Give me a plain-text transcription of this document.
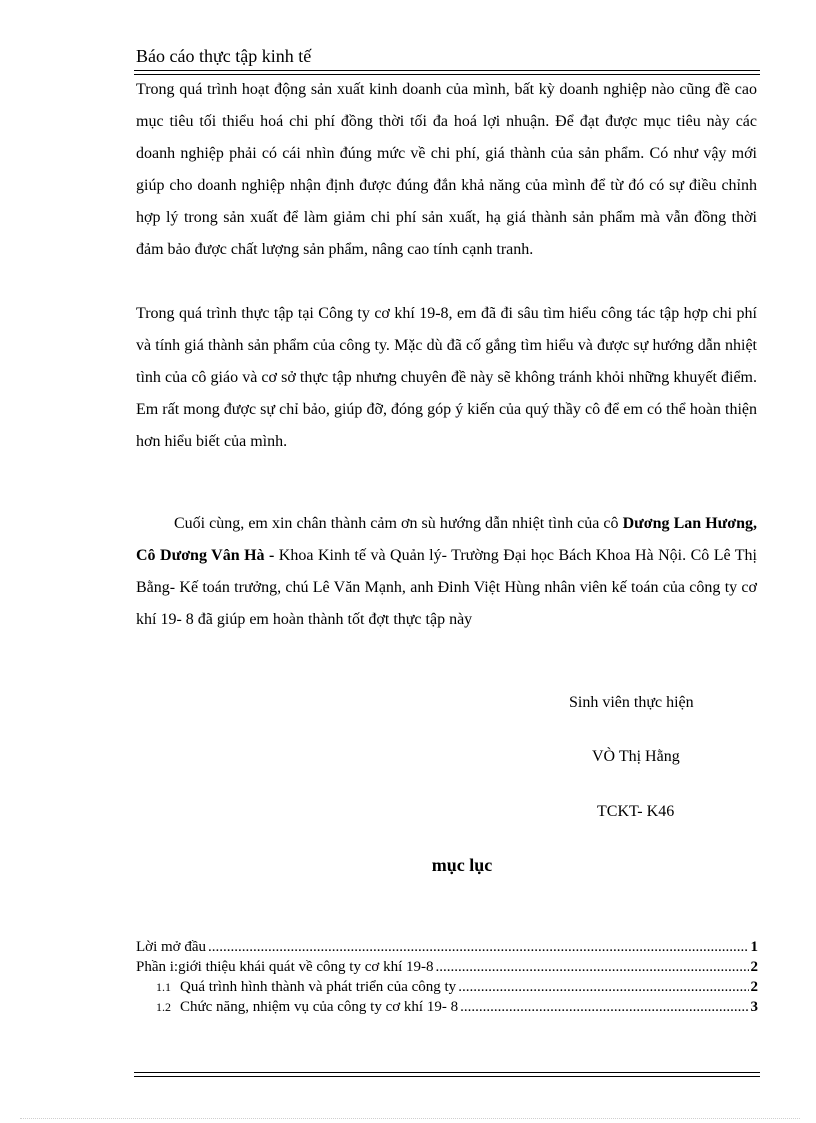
Báo cáo thực tập kinh tế

Trong quá trình hoạt động sản xuất kinh doanh của mình, bất kỳ doanh nghiệp nào cũng đề cao mục tiêu tối thiểu hoá chi phí đồng thời tối đa hoá lợi nhuận. Để đạt được mục tiêu này các doanh nghiệp phải có cái nhìn đúng mức về chi phí, giá thành của sản phẩm. Có như vậy mới giúp cho doanh nghiệp nhận định được đúng đắn khả năng của mình để từ đó có sự điều chỉnh hợp lý trong sản xuất để làm giảm chi phí sản xuất, hạ giá thành sản phẩm mà vẫn đồng thời đảm bảo được chất lượng sản phẩm, nâng cao tính cạnh tranh.

Trong quá trình thực tập tại Công ty cơ khí 19-8, em đã đi sâu tìm hiểu công tác tập hợp chi phí và tính giá thành sản phẩm của công ty. Mặc dù đã cố gắng tìm hiểu và được sự hướng dẫn nhiệt tình của cô giáo và cơ sở thực tập nhưng chuyên đề này sẽ không tránh khỏi những khuyết điểm. Em rất mong được sự chỉ bảo, giúp đỡ, đóng góp ý kiến của quý thầy cô để em có thể hoàn thiện hơn hiểu biết của mình.

Cuối cùng, em xin chân thành cảm ơn sù hướng dẫn nhiệt tình của cô Dương Lan Hương, Cô Dương Vân Hà - Khoa Kinh tế và Quản lý- Trường Đại học Bách Khoa Hà Nội. Cô Lê Thị Bằng- Kế toán trưởng, chú Lê Văn Mạnh, anh Đinh Việt Hùng nhân viên kế toán của công ty cơ khí 19- 8 đã giúp em hoàn thành tốt đợt thực tập này

Sinh viên thực hiện
VÒ Thị Hằng
TCKT- K46
mục lục
Lời mở đầu .....	1
Phần i:giới thiệu khái quát về công ty cơ khí 19-8 .....	2
1.1 Quá trình hình thành và phát triển của công ty .....	2
1.2 Chức năng, nhiệm vụ của công ty cơ khí 19- 8 .....	3
